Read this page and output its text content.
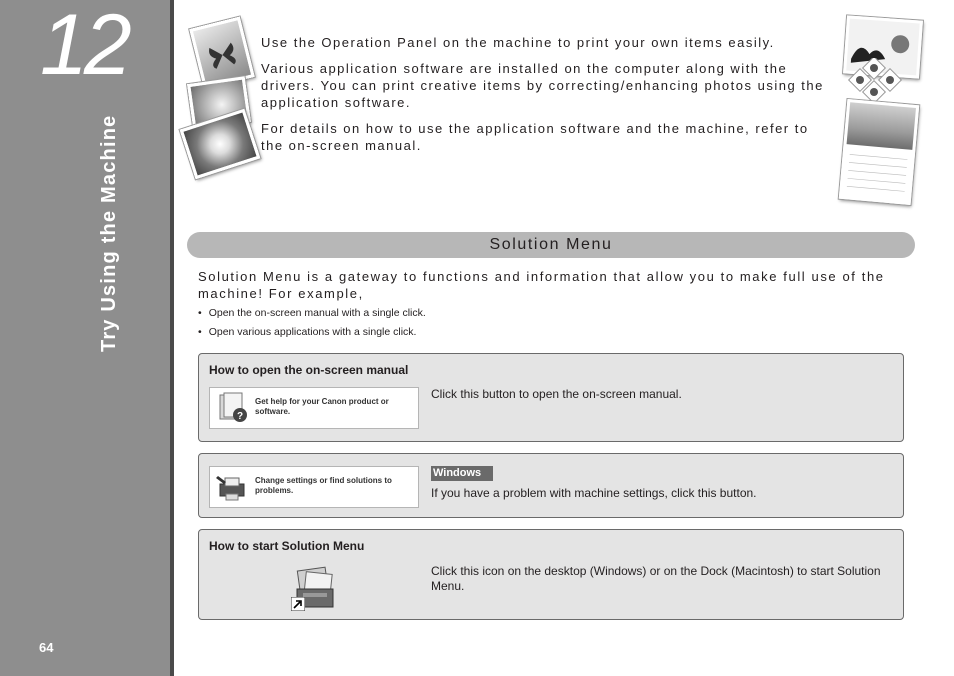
12
Try Using the Machine
64

Use the Operation Panel on the machine to print your own items easily.

Various application software are installed on the computer along with the drivers. You can print creative items by correcting/enhancing photos using the application software.

For details on how to use the application software and the machine, refer to the on-screen manual.

Solution Menu
Solution Menu is a gateway to functions and information that allow you to make full use of the machine! For example,
• Open the on-screen manual with a single click.
• Open various applications with a single click.
How to open the on-screen manual
?
Get help for your Canon product or software.
Click this button to open the on-screen manual.
Change settings or find solutions to problems.
Windows
If you have a problem with machine settings, click this button.
How to start Solution Menu
Click this icon on the desktop (Windows) or on the Dock (Macintosh) to start Solution Menu.
